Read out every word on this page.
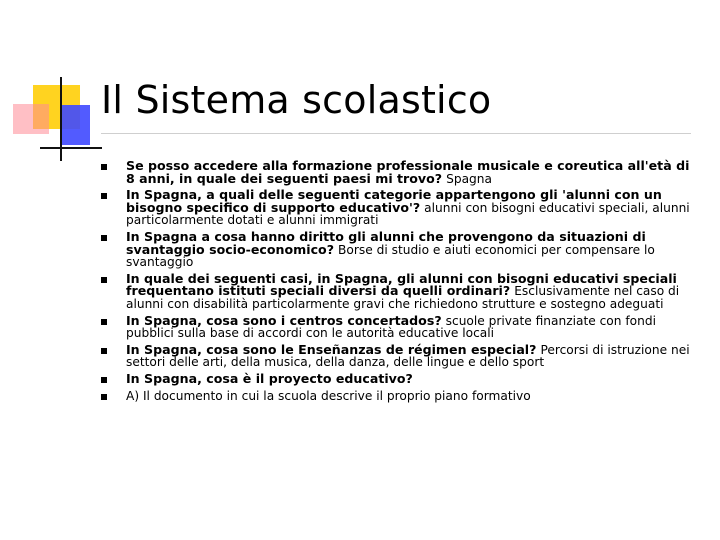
Il Sistema scolastico
Se posso accedere alla formazione professionale musicale e coreutica all'età di 8 anni, in quale dei seguenti paesi mi trovo? Spagna
In Spagna, a quali delle seguenti categorie appartengono gli 'alunni con un bisogno specifico di supporto educativo'? alunni con bisogni educativi speciali, alunni particolarmente dotati e alunni immigrati
In Spagna a cosa hanno diritto gli alunni che provengono da situazioni di svantaggio socio-economico? Borse di studio e aiuti economici per compensare lo svantaggio
In quale dei seguenti casi, in Spagna, gli alunni con bisogni educativi speciali frequentano istituti speciali diversi da quelli ordinari? Esclusivamente nel caso di alunni con disabilità particolarmente gravi che richiedono strutture e sostegno adeguati
In Spagna, cosa sono i centros concertados? scuole private finanziate con fondi pubblici sulla base di accordi con le autorità educative locali
In Spagna, cosa sono le Enseñanzas de régimen especial? Percorsi di istruzione nei settori delle arti, della musica, della danza, delle lingue e dello sport
In Spagna, cosa è il proyecto educativo?
A) Il documento in cui la scuola descrive il proprio piano formativo
